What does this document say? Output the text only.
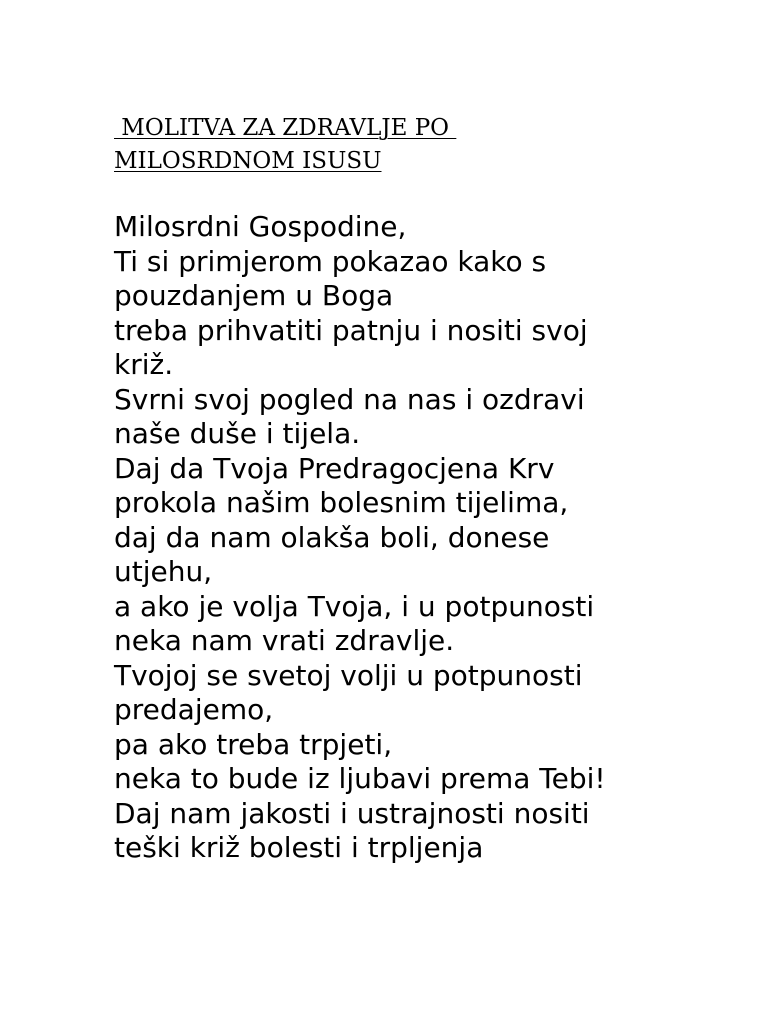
MOLITVA ZA ZDRAVLJE PO
MILOSRDNOM ISUSU
Milosrdni Gospodine,
Ti si primjerom pokazao kako s
pouzdanjem u Boga
treba prihvatiti patnju i nositi svoj
križ.
Svrni svoj pogled na nas i ozdravi
naše duše i tijela.
Daj da Tvoja Predragocjena Krv
prokola našim bolesnim tijelima,
daj da nam olakša boli, donese
utjehu,
a ako je volja Tvoja, i u potpunosti
neka nam vrati zdravlje.
Tvojoj se svetoj volji u potpunosti
predajemo,
pa ako treba trpjeti,
neka to bude iz ljubavi prema Tebi!
Daj nam jakosti i ustrajnosti nositi
teški križ bolesti i trpljenja
